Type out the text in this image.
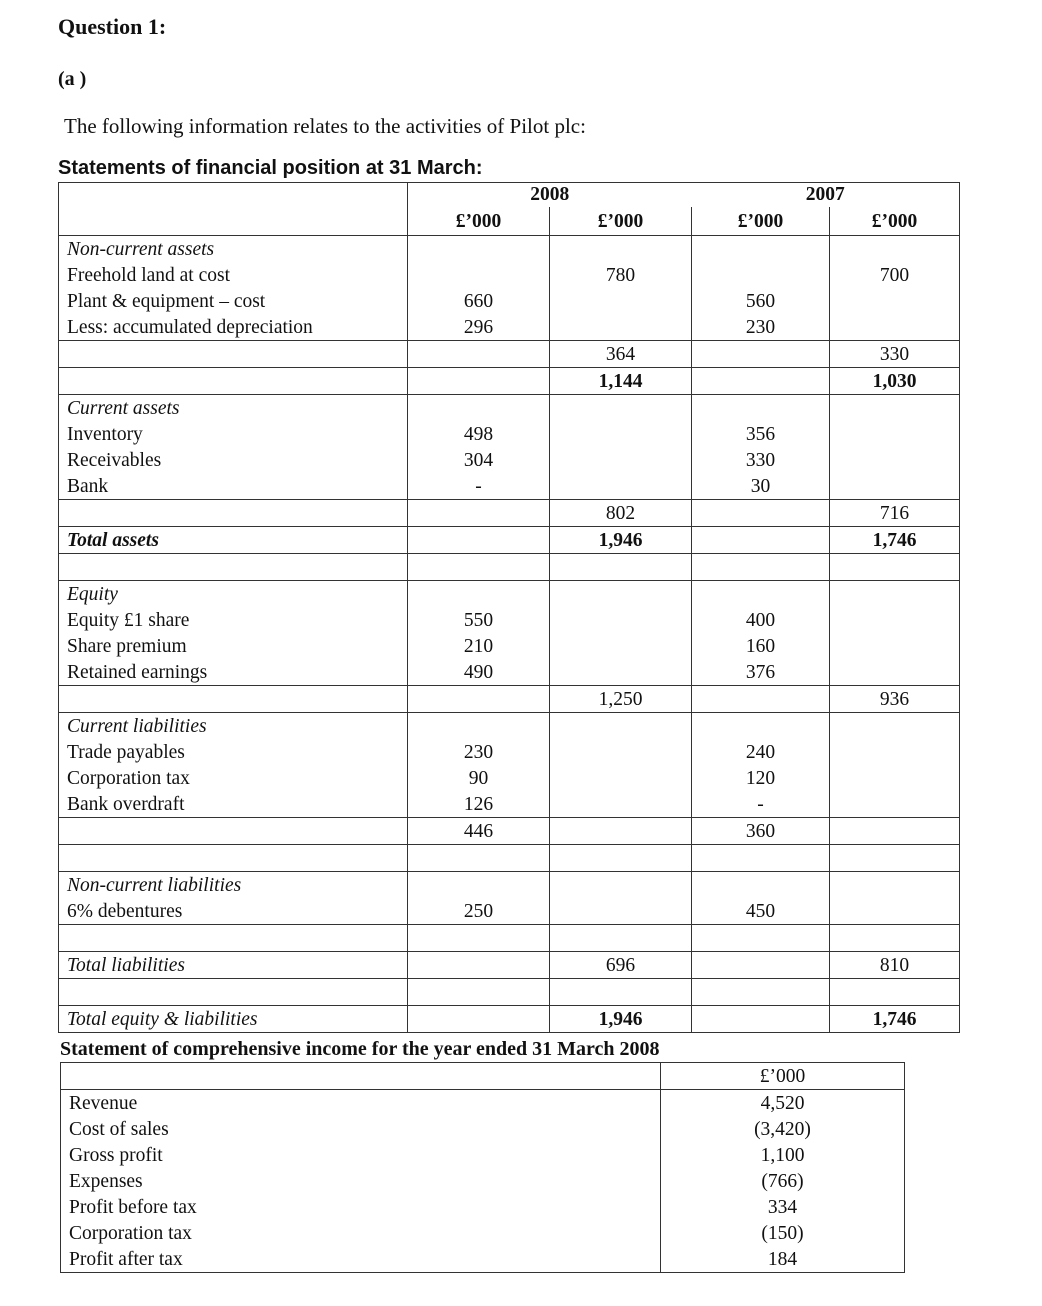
Question 1:
(a )
The following information relates to the activities of Pilot plc:
Statements of financial position at 31 March:
	2008		2007	
	£’000	£’000	£’000	£’000
Non-current assets				
Freehold land at cost		780		700
Plant & equipment – cost	660		560	
Less: accumulated depreciation	296		230	
		364		330
		1,144		1,030
Current assets				
Inventory	498		356	
Receivables	304		330	
Bank	-		30	
		802		716
Total assets		1,946		1,746

Equity				
Equity £1 share	550		400	
Share premium	210		160	
Retained earnings	490		376	
		1,250		936
Current liabilities				
Trade payables	230		240	
Corporation tax	90		120	
Bank overdraft	126		-	
	446		360	

Non-current liabilities				
6% debentures	250		450	

Total liabilities		696		810

Total equity & liabilities		1,946		1,746
Statement of comprehensive income for the year ended 31 March 2008
	£’000
Revenue	4,520
Cost of sales	(3,420)
Gross profit	1,100
Expenses	(766)
Profit before tax	334
Corporation tax	(150)
Profit after tax	184
